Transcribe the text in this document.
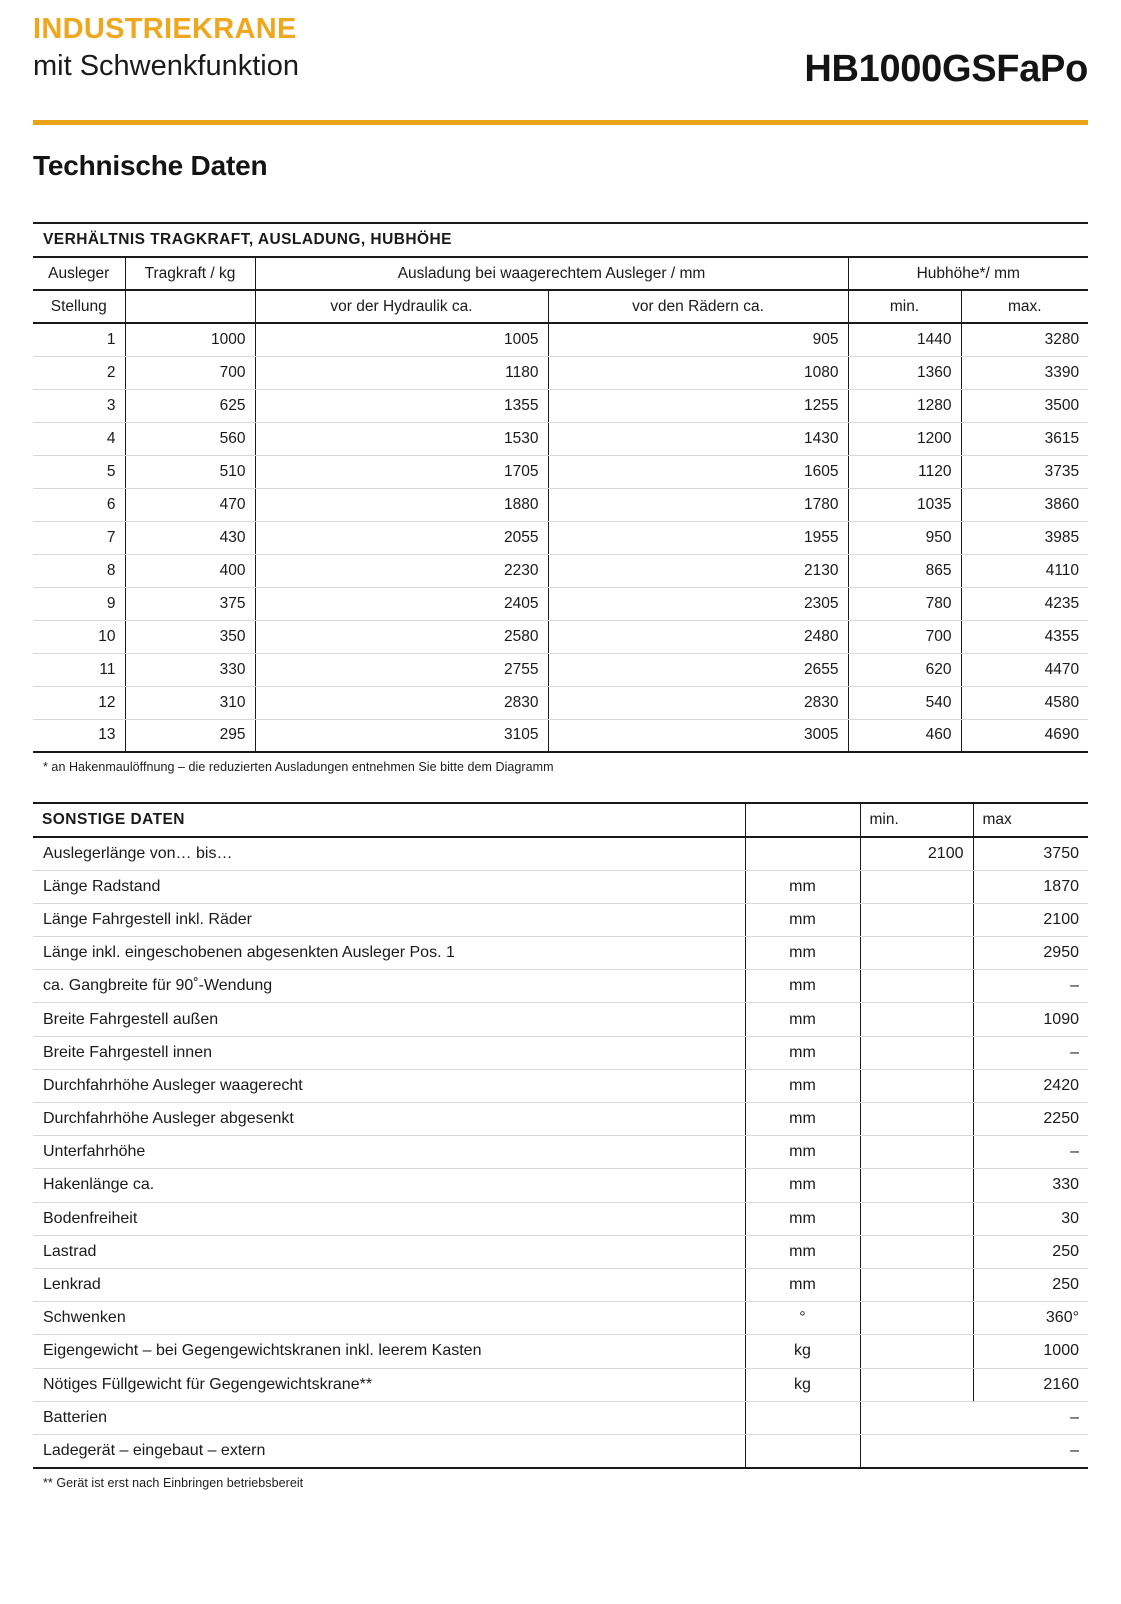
INDUSTRIEKRANE
mit Schwenkfunktion	HB1000GSFaPo
Technische Daten
VERHÄLTNIS TRAGKRAFT, AUSLADUNG, HUBHÖHE					
Ausleger	Tragkraft / kg	Ausladung bei waagerechtem Ausleger / mm		Hubhöhe*/ mm	
Stellung		vor der Hydraulik ca.	vor den Rädern ca.	min.	max.
1	1000	1005	905	1440	3280
2	700	1180	1080	1360	3390
3	625	1355	1255	1280	3500
4	560	1530	1430	1200	3615
5	510	1705	1605	1120	3735
6	470	1880	1780	1035	3860
7	430	2055	1955	950	3985
8	400	2230	2130	865	4110
9	375	2405	2305	780	4235
10	350	2580	2480	700	4355
11	330	2755	2655	620	4470
12	310	2830	2830	540	4580
13	295	3105	3005	460	4690
* an Hakenmaulöffnung – die reduzierten Ausladungen entnehmen Sie bitte dem Diagramm
SONSTIGE DATEN		min.	max
Auslegerlänge von… bis…		2100	3750
Länge Radstand	mm		1870
Länge Fahrgestell inkl. Räder	mm		2100
Länge inkl. eingeschobenen abgesenkten Ausleger Pos. 1	mm		2950
ca. Gangbreite für 90˚-Wendung	mm		–
Breite Fahrgestell außen	mm		1090
Breite Fahrgestell innen	mm		–
Durchfahrhöhe Ausleger waagerecht	mm		2420
Durchfahrhöhe Ausleger abgesenkt	mm		2250
Unterfahrhöhe	mm		–
Hakenlänge ca.	mm		330
Bodenfreiheit	mm		30
Lastrad	mm		250
Lenkrad	mm		250
Schwenken	°		360°
Eigengewicht – bei Gegengewichtskranen inkl. leerem Kasten	kg		1000
Nötiges Füllgewicht für Gegengewichtskrane**	kg		2160
Batterien			–
Ladegerät – eingebaut – extern			–
** Gerät ist erst nach Einbringen betriebsbereit
